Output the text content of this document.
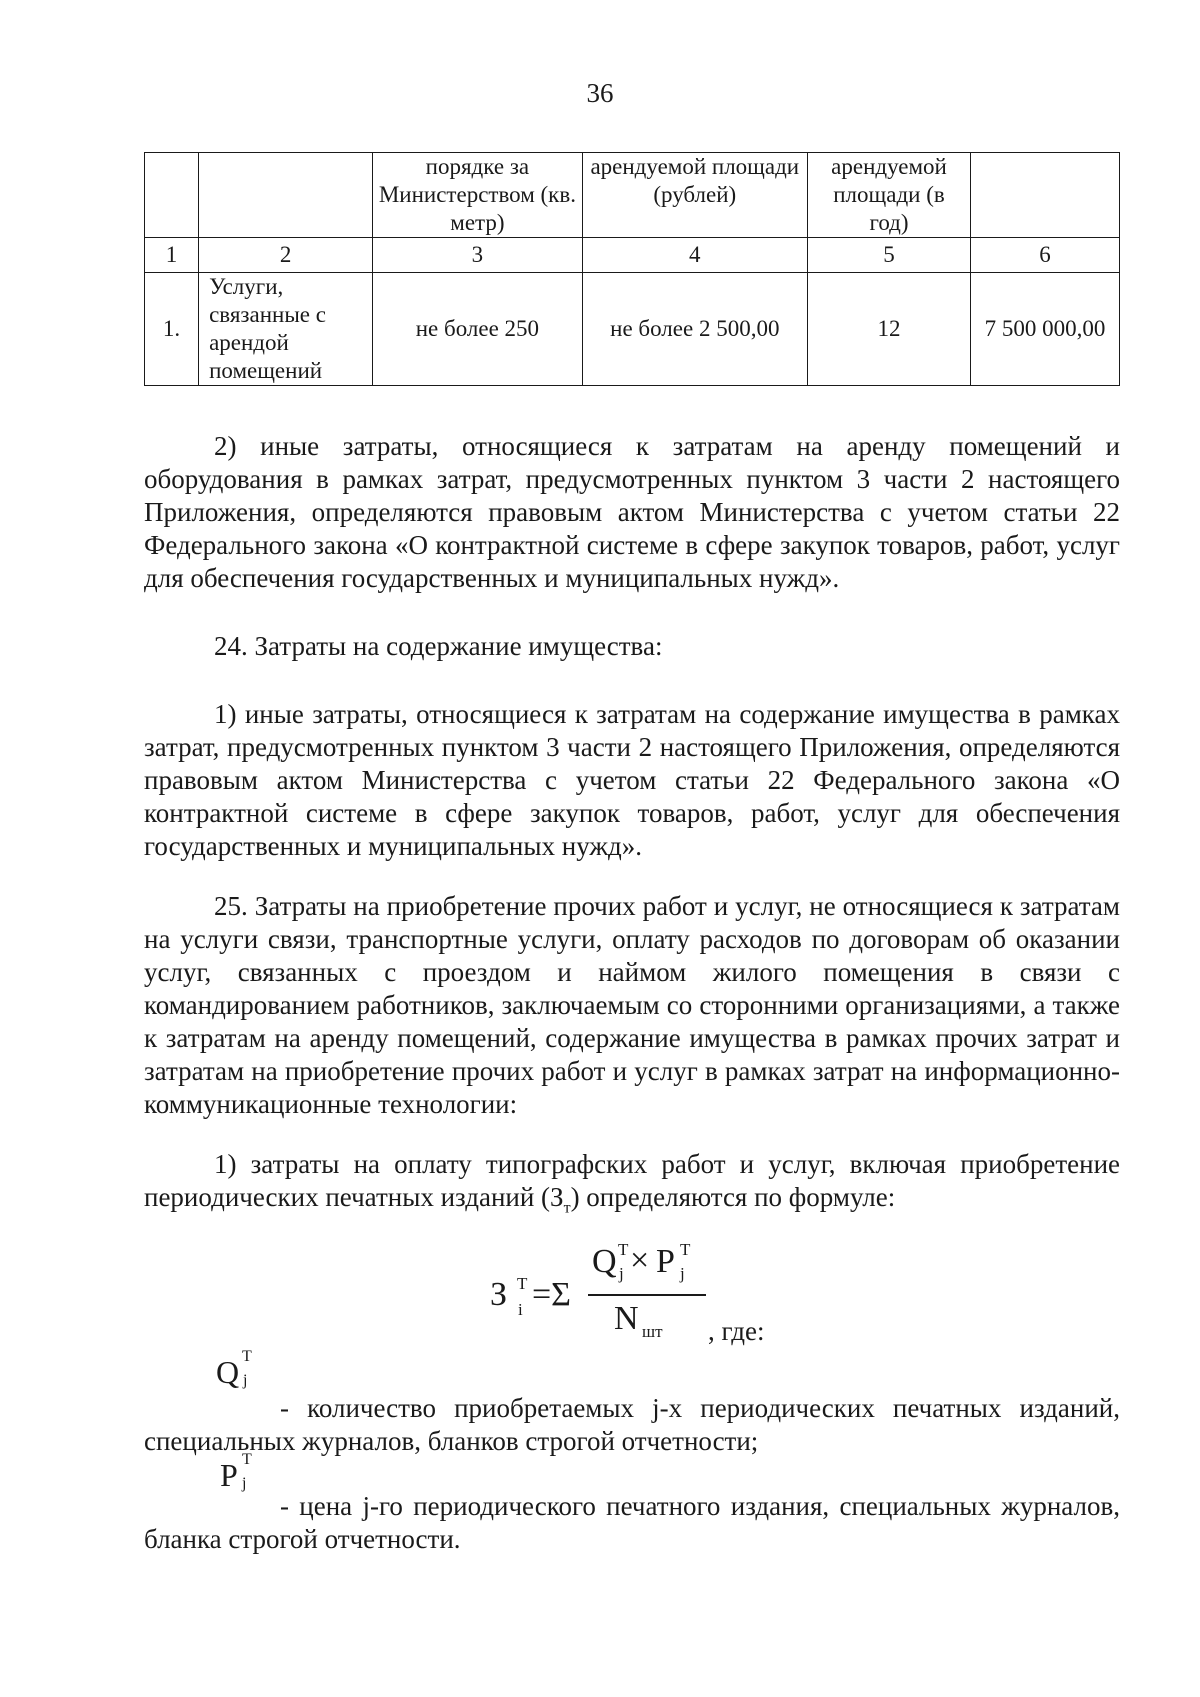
36
		порядке за Министерством (кв. метр)	арендуемой площади (рублей)	арендуемой площади (в год)	
1	2	3	4	5	6
1.	Услуги, связанные с арендой помещений	не более 250	не более 2 500,00	12	7 500 000,00

2) иные затраты, относящиеся к затратам на аренду помещений и оборудования в рамках затрат, предусмотренных пунктом 3 части 2 настоящего Приложения, определяются правовым актом Министерства с учетом статьи 22 Федерального закона «О контрактной системе в сфере закупок товаров, работ, услуг для обеспечения государственных и муниципальных нужд».

24. Затраты на содержание имущества:

1) иные затраты, относящиеся к затратам на содержание имущества в рамках затрат, предусмотренных пунктом 3 части 2 настоящего Приложения, определяются правовым актом Министерства с учетом статьи 22 Федерального закона «О контрактной системе в сфере закупок товаров, работ, услуг для обеспечения государственных и муниципальных нужд».

25. Затраты на приобретение прочих работ и услуг, не относящиеся к затратам на услуги связи, транспортные услуги, оплату расходов по договорам об оказании услуг, связанных с проездом и наймом жилого помещения в связи с командированием работников, заключаемым со сторонними организациями, а также к затратам на аренду помещений, содержание имущества в рамках прочих затрат и затратам на приобретение прочих работ и услуг в рамках затрат на информационно-коммуникационные технологии:

1) затраты на оплату типографских работ и услуг, включая приобретение периодических печатных изданий $(З_т)$ определяются по формуле:

З Т
i =Σ
Q Т
j × P Т
j
N шт , где:
Q Т
j

- количество приобретаемых j-х периодических печатных изданий, специальных журналов, бланков строгой отчетности;

P Т
j

- цена j-го периодического печатного издания, специальных журналов, бланка строгой отчетности.
